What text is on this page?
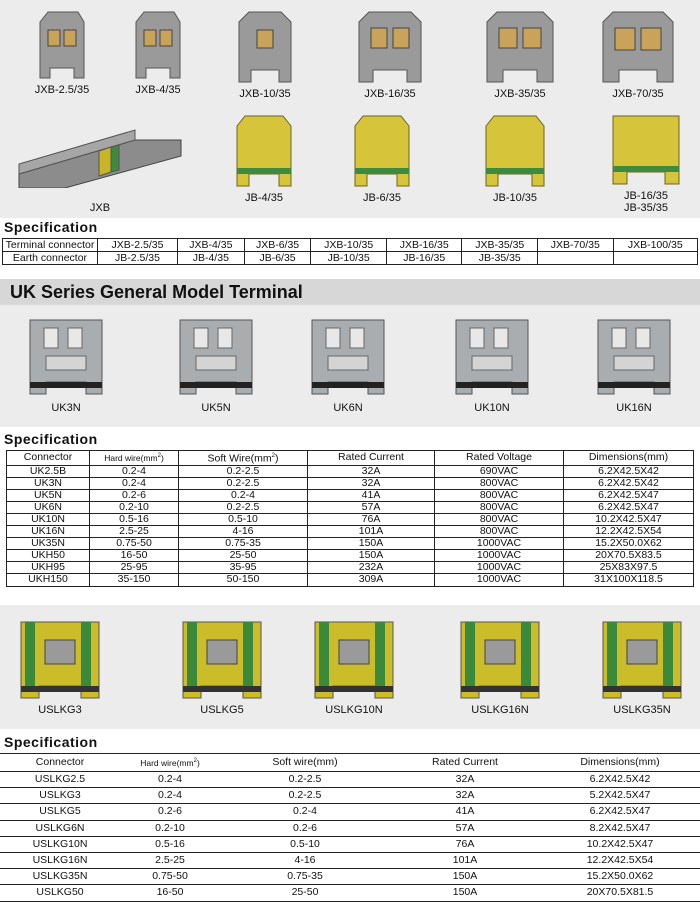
JXB-2.5/35	JXB-4/35	JXB-10/35	JXB-16/35	JXB-35/35	JXB-70/35
JXB
JB-4/35	JB-6/35	JB-10/35	JB-16/35
JB-35/35
Specification
Terminal connector	JXB-2.5/35	JXB-4/35	JXB-6/35	JXB-10/35	JXB-16/35	JXB-35/35	JXB-70/35	JXB-100/35
Earth connector	JB-2.5/35	JB-4/35	JB-6/35	JB-10/35	JB-16/35	JB-35/35		
UK Series General Model Terminal
UK3N	UK5N	UK6N	UK10N	UK16N
Specification
Connector	Hard $wire(mm^2)$	Soft $Wire(mm^2)$	Rated Current	Rated Voltage	Dimensions(mm)
UK2.5B	0.2-4	0.2-2.5	32A	690VAC	6.2X42.5X42
UK3N	0.2-4	0.2-2.5	32A	800VAC	6.2X42.5X42
UK5N	0.2-6	0.2-4	41A	800VAC	6.2X42.5X47
UK6N	0.2-10	0.2-2.5	57A	800VAC	6.2X42.5X47
UK10N	0.5-16	0.5-10	76A	800VAC	10.2X42.5X47
UK16N	2.5-25	4-16	101A	800VAC	12.2X42.5X54
UK35N	0.75-50	0.75-35	150A	1000VAC	15.2X50.0X62
UKH50	16-50	25-50	150A	1000VAC	20X70.5X83.5
UKH95	25-95	35-95	232A	1000VAC	25X83X97.5
UKH150	35-150	50-150	309A	1000VAC	31X100X118.5
USLKG3	USLKG5	USLKG10N	USLKG16N	USLKG35N
Specification
Connector	Hard $wire(mm^2)$	Soft wire(mm)	Rated Current	Dimensions(mm)
USLKG2.5	0.2-4	0.2-2.5	32A	6.2X42.5X42
USLKG3	0.2-4	0.2-2.5	32A	5.2X42.5X47
USLKG5	0.2-6	0.2-4	41A	6.2X42.5X47
USLKG6N	0.2-10	0.2-6	57A	8.2X42.5X47
USLKG10N	0.5-16	0.5-10	76A	10.2X42.5X47
USLKG16N	2.5-25	4-16	101A	12.2X42.5X54
USLKG35N	0.75-50	0.75-35	150A	15.2X50.0X62
USLKG50	16-50	25-50	150A	20X70.5X81.5
